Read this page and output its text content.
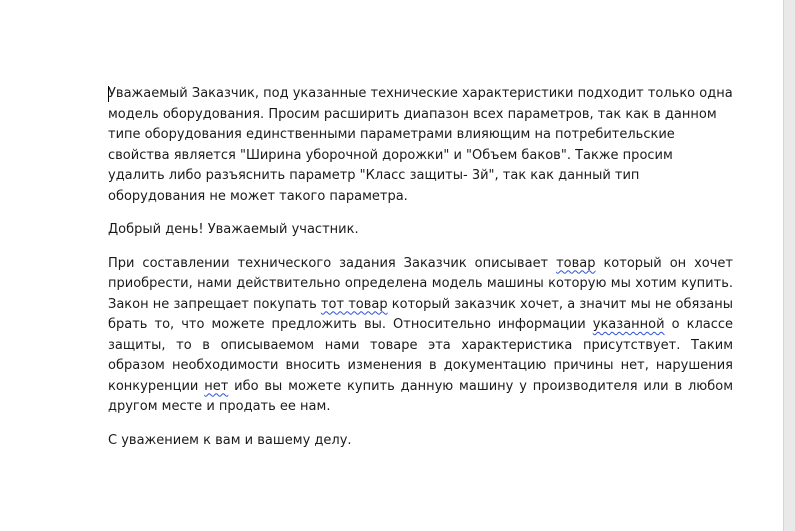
Уважаемый Заказчик, под указанные технические характеристики подходит только одна модель оборудования. Просим расширить диапазон всех параметров, так как в данном типе оборудования единственными параметрами влияющим на потребительские свойства является "Ширина уборочной дорожки" и "Объем баков". Также просим удалить либо разъяснить параметр "Класс защиты- 3й", так как данный тип оборудования не может такого параметра.

Добрый день! Уважаемый участник.

При составлении технического задания Заказчик описывает товар который он хочет приобрести, нами действительно определена модель машины которую мы хотим купить. Закон не запрещает покупать тот товар который заказчик хочет, а значит мы не обязаны брать то, что можете предложить вы. Относительно информации указанной о классе защиты, то в описываемом нами товаре эта характеристика присутствует. Таким образом необходимости вносить изменения в документацию причины нет, нарушения конкуренции нет ибо вы можете купить данную машину у производителя или в любом другом месте и продать ее нам.

С уважением к вам и вашему делу.
